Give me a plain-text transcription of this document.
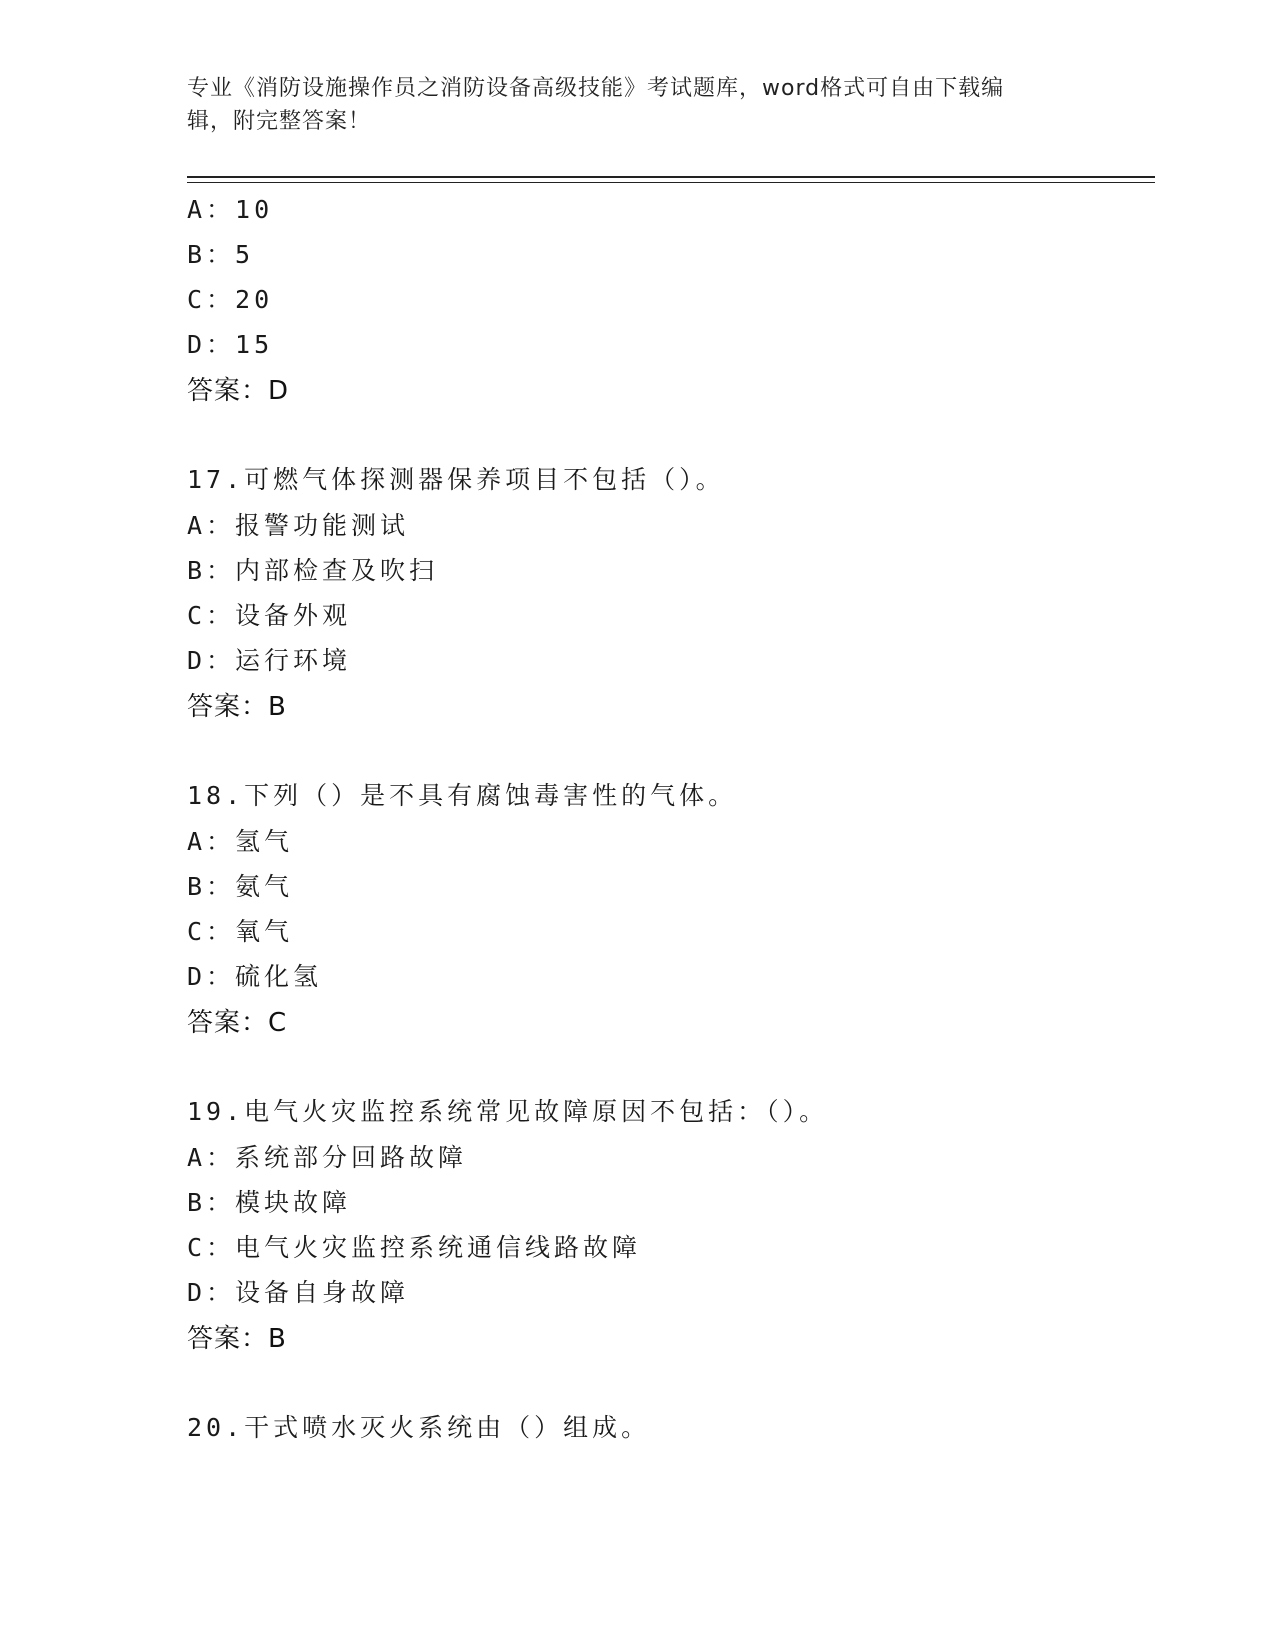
专业《消防设施操作员之消防设备高级技能》考试题库，word格式可自由下载编
辑，附完整答案！
A：10
B：5
C：20
D：15
答案：D
17.可燃气体探测器保养项目不包括（）。
A：报警功能测试
B：内部检查及吹扫
C：设备外观
D：运行环境
答案：B
18.下列（）是不具有腐蚀毒害性的气体。
A：氢气
B：氨气
C：氧气
D：硫化氢
答案：C
19.电气火灾监控系统常见故障原因不包括：（）。
A：系统部分回路故障
B：模块故障
C：电气火灾监控系统通信线路故障
D：设备自身故障
答案：B
20.干式喷水灭火系统由（）组成。
